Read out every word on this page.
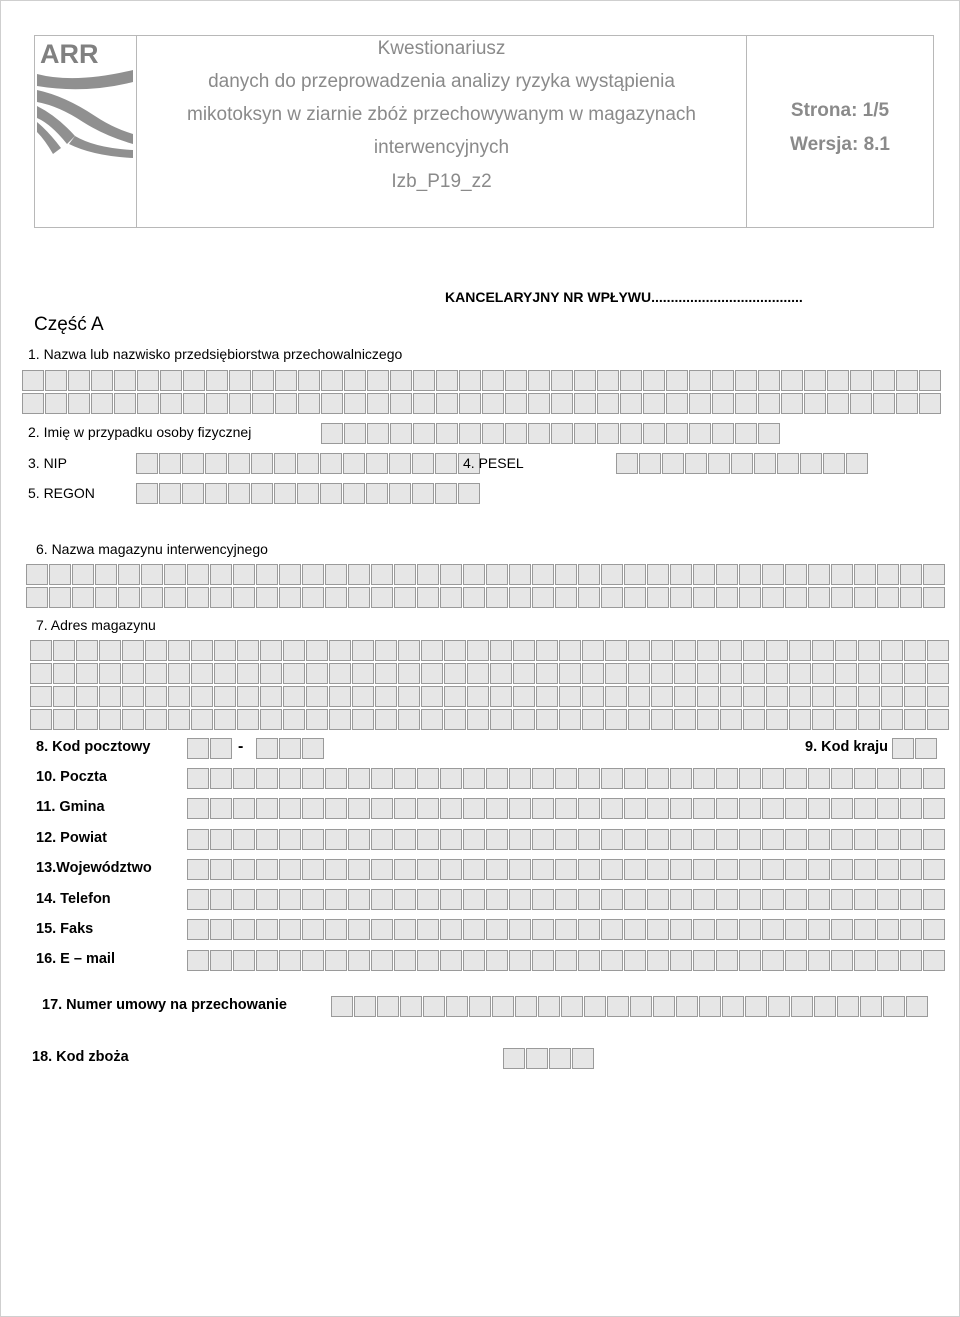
ARR	Kwestionariusz
danych do przeprowadzenia analizy ryzyka wystąpienia
mikotoksyn w ziarnie zbóż przechowywanym w magazynach
interwencyjnych
Izb_P19_z2
Strona: 1/5
Wersja: 8.1
KANCELARYJNY NR WPŁYWU.......................................
Część A
1. Nazwa lub nazwisko przedsiębiorstwa przechowalniczego
2. Imię w przypadku osoby fizycznej
3. NIP	4. PESEL
5. REGON
6. Nazwa magazynu interwencyjnego
7. Adres magazynu
8. Kod pocztowy	-	9. Kod kraju
10. Poczta
11. Gmina
12. Powiat
13.Województwo
14. Telefon
15. Faks
16. E – mail
17. Numer umowy na przechowanie
18. Kod zboża
